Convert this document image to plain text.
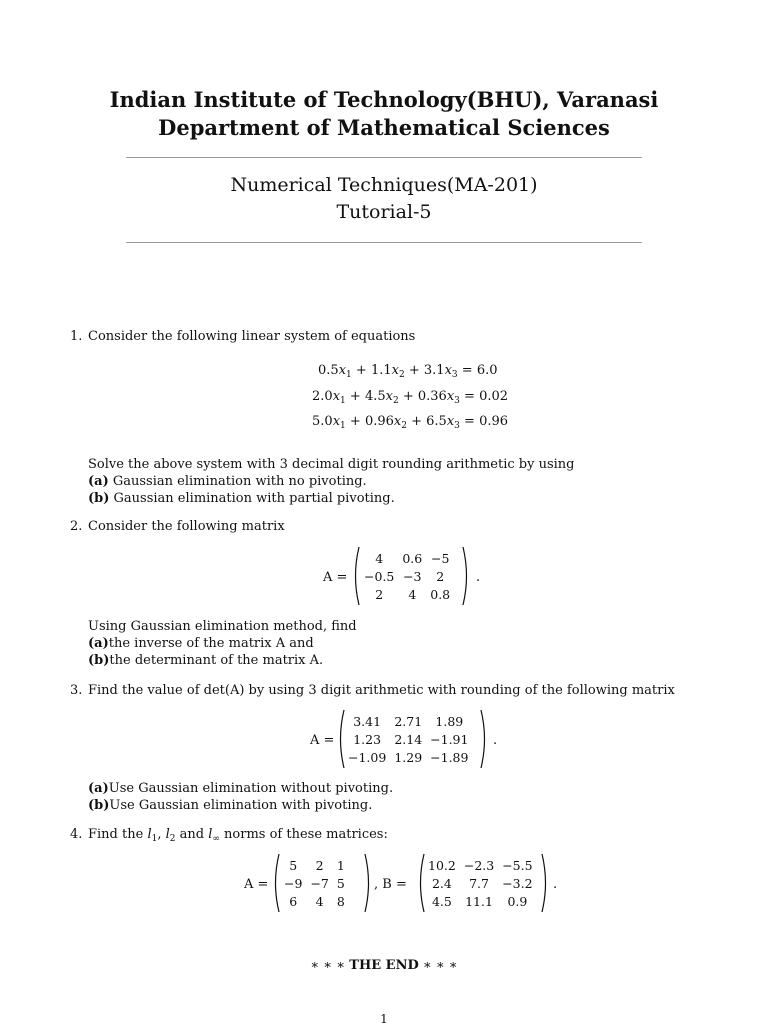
Indian Institute of Technology(BHU), Varanasi
Department of Mathematical Sciences
Numerical Techniques(MA-201)
Tutorial-5
1. Consider the following linear system of equations
$0.5x_1 + 1.1x_2 + 3.1x_3 = 6.0$
$2.0x_1 + 4.5x_2 + 0.36x_3 = 0.02$
$5.0x_1 + 0.96x_2 + 6.5x_3 = 0.96$
Solve the above system with 3 decimal digit rounding arithmetic by using
(a) Gaussian elimination with no pivoting.
(b) Gaussian elimination with partial pivoting.
2. Consider the following matrix
A =
4	0.6	−5
−0.5	−3	2
2	4	0.8
.
Using Gaussian elimination method, find
(a)the inverse of the matrix A and
(b)the determinant of the matrix A.
3. Find the value of det(A) by using 3 digit arithmetic with rounding of the following matrix
A =
3.41	2.71	1.89
1.23	2.14	−1.91
−1.09	1.29	−1.89
.
(a)Use Gaussian elimination without pivoting.
(b)Use Gaussian elimination with pivoting.
4. Find the $l_1$, $l_2$ and $l_\infty$ norms of these matrices:
A =
5	2	1
−9	−7	5
6	4	8
, B =
10.2	−2.3	−5.5
2.4	7.7	−3.2
4.5	11.1	0.9
.
∗ ∗ ∗ THE END ∗ ∗ ∗
1
